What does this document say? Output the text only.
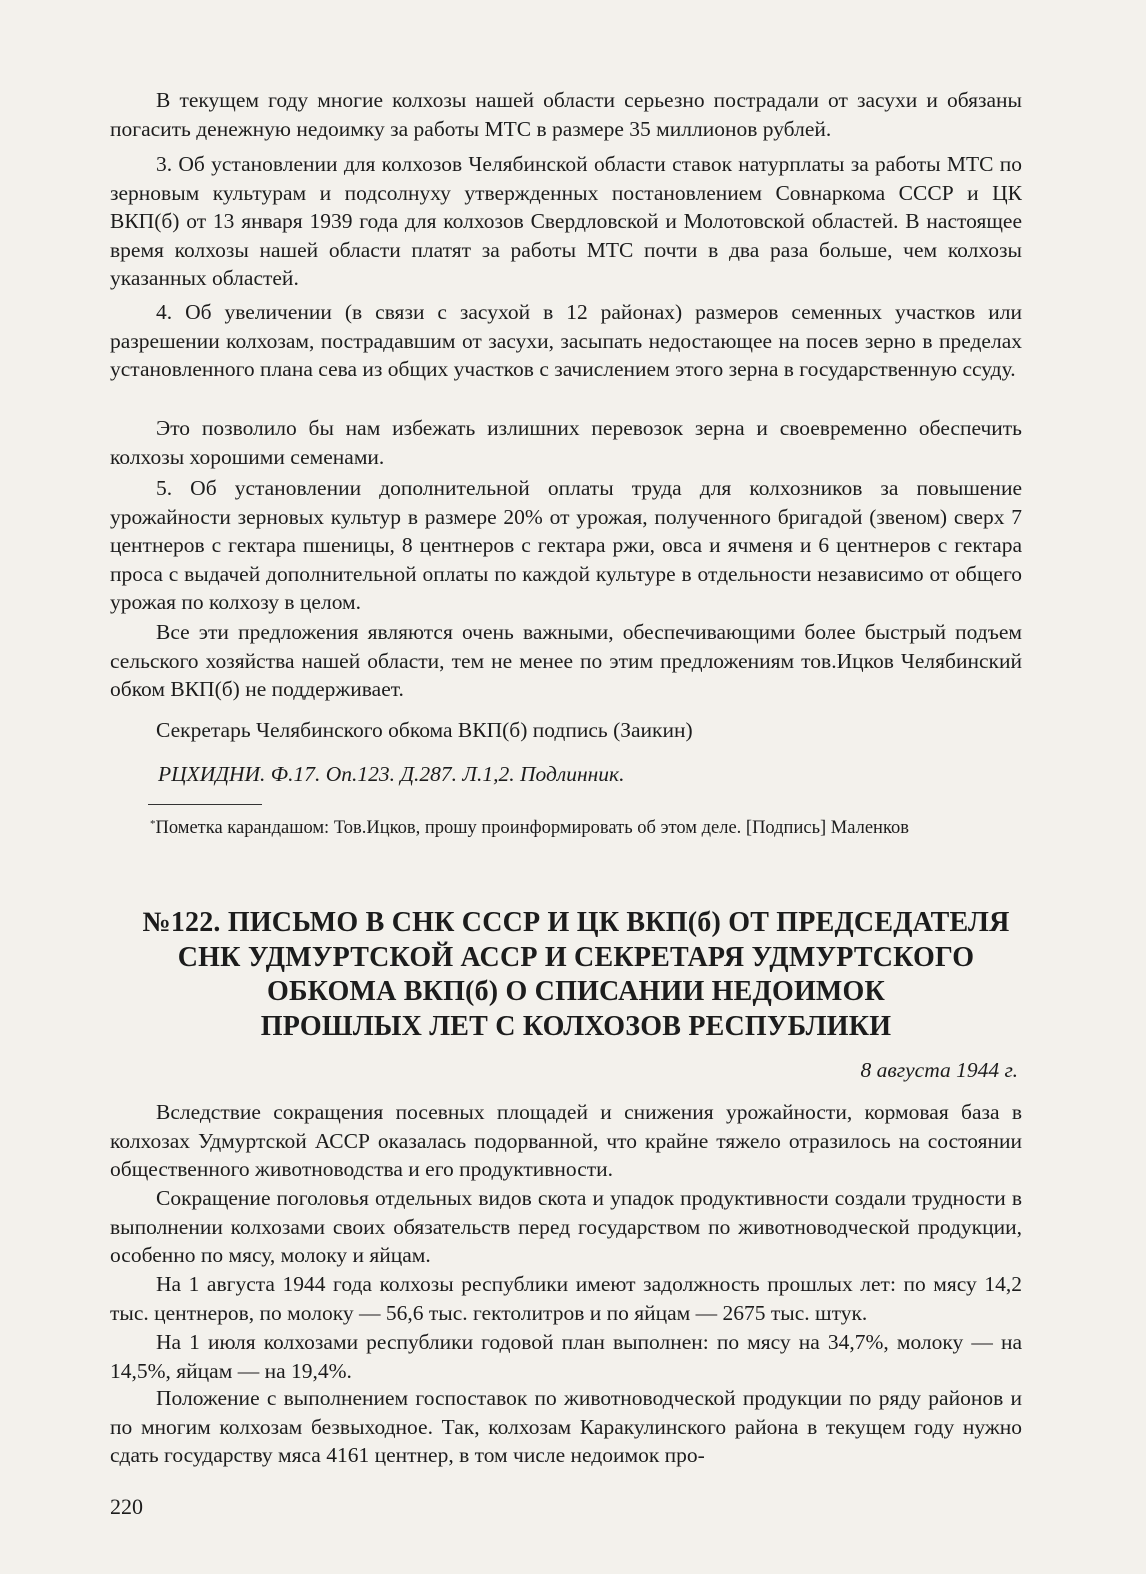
В текущем году многие колхозы нашей области серьезно пострадали от засухи и обязаны погасить денежную недоимку за работы МТС в размере 35 миллионов рублей.
3. Об установлении для колхозов Челябинской области ставок натурплаты за работы МТС по зерновым культурам и подсолнуху утвержденных постановлением Совнаркома СССР и ЦК ВКП(б) от 13 января 1939 года для колхозов Свердловской и Молотовской областей. В настоящее время колхозы нашей области платят за работы МТС почти в два раза больше, чем колхозы указанных областей.
4. Об увеличении (в связи с засухой в 12 районах) размеров семенных участков или разрешении колхозам, пострадавшим от засухи, засыпать недостающее на посев зерно в пределах установленного плана сева из общих участков с зачислением этого зерна в государственную ссуду.
Это позволило бы нам избежать излишних перевозок зерна и своевременно обеспечить колхозы хорошими семенами.
5. Об установлении дополнительной оплаты труда для колхозников за повышение урожайности зерновых культур в размере 20% от урожая, полученного бригадой (звеном) сверх 7 центнеров с гектара пшеницы, 8 центнеров с гектара ржи, овса и ячменя и 6 центнеров с гектара проса с выдачей дополнительной оплаты по каждой культуре в отдельности независимо от общего урожая по колхозу в целом.
Все эти предложения являются очень важными, обеспечивающими более быстрый подъем сельского хозяйства нашей области, тем не менее по этим предложениям тов.Ицков Челябинский обком ВКП(б) не поддерживает.
Секретарь Челябинского обкома ВКП(б) подпись (Заикин)
РЦХИДНИ. Ф.17. Оп.123. Д.287. Л.1,2. Подлинник.
*Пометка карандашом: Тов.Ицков, прошу проинформировать об этом деле. [Подпись] Маленков
№122. ПИСЬМО В СНК СССР И ЦК ВКП(б) ОТ ПРЕДСЕДАТЕЛЯ
СНК УДМУРТСКОЙ АССР И СЕКРЕТАРЯ УДМУРТСКОГО
ОБКОМА ВКП(б) О СПИСАНИИ НЕДОИМОК
ПРОШЛЫХ ЛЕТ С КОЛХОЗОВ РЕСПУБЛИКИ
8 августа 1944 г.
Вследствие сокращения посевных площадей и снижения урожайности, кормовая база в колхозах Удмуртской АССР оказалась подорванной, что крайне тяжело отразилось на состоянии общественного животноводства и его продуктивности.
Сокращение поголовья отдельных видов скота и упадок продуктивности создали трудности в выполнении колхозами своих обязательств перед государством по животноводческой продукции, особенно по мясу, молоку и яйцам.
На 1 августа 1944 года колхозы республики имеют задолжность прошлых лет: по мясу 14,2 тыс. центнеров, по молоку — 56,6 тыс. гектолитров и по яйцам — 2675 тыс. штук.
На 1 июля колхозами республики годовой план выполнен: по мясу на 34,7%, молоку — на 14,5%, яйцам — на 19,4%.
Положение с выполнением госпоставок по животноводческой продукции по ряду районов и по многим колхозам безвыходное. Так, колхозам Каракулинского района в текущем году нужно сдать государству мяса 4161 центнер, в том числе недоимок про-
220
